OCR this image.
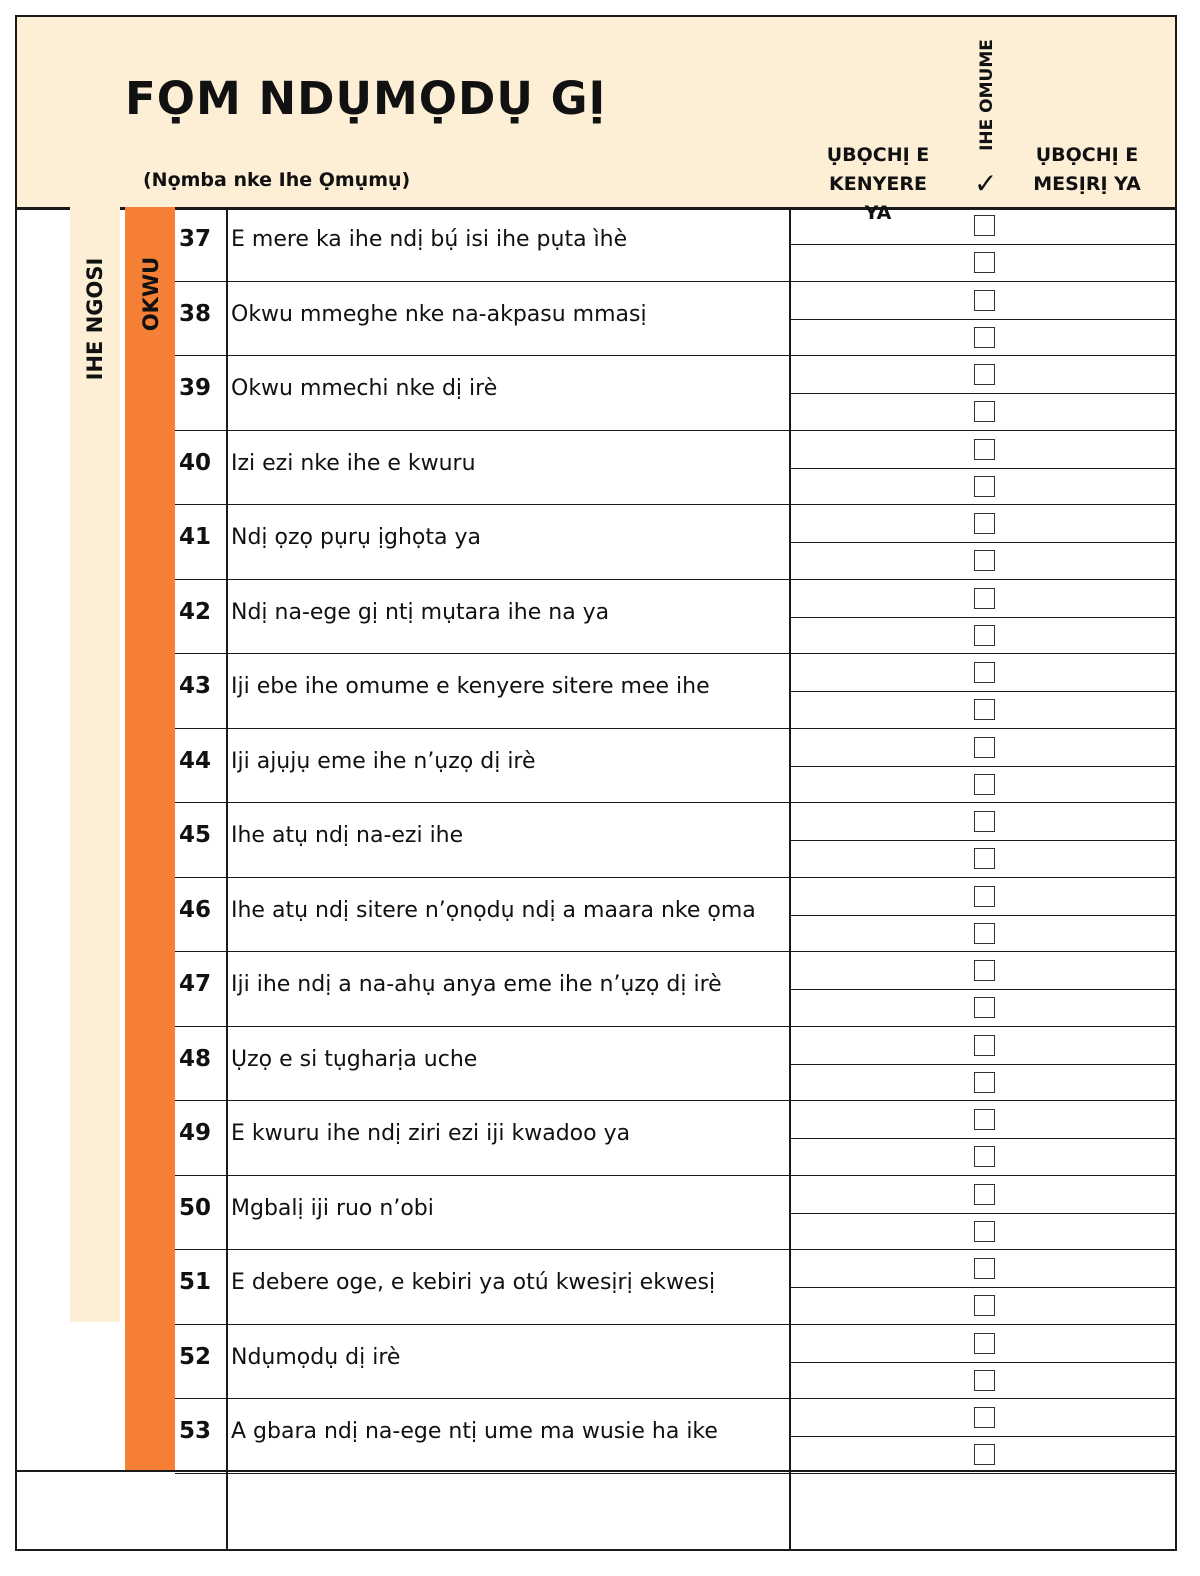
FỌM NDỤMỌDỤ GỊ
(Nọmba nke Ihe Ọmụmụ)
ỤBỌCHỊ E
KENYERE YA
IHE OMUME
✓
ỤBỌCHỊ E
MESỊRỊ YA
IHE NGOSI OKWU
37 E mere ka ihe ndị bụ́ isi ihe pụta ìhè
38 Okwu mmeghe nke na-akpasu mmasị
39 Okwu mmechi nke dị irè
40 Izi ezi nke ihe e kwuru
41 Ndị ọzọ pụrụ ịghọta ya
42 Ndị na-ege gị ntị mụtara ihe na ya
43 Iji ebe ihe omume e kenyere sitere mee ihe
44 Iji ajụjụ eme ihe n’ụzọ dị irè
45 Ihe atụ ndị na-ezi ihe
46 Ihe atụ ndị sitere n’ọnọdụ ndị a maara nke ọma
47 Iji ihe ndị a na-ahụ anya eme ihe n’ụzọ dị irè
48 Ụzọ e si tụgharịa uche
49 E kwuru ihe ndị ziri ezi iji kwadoo ya
50 Mgbalị iji ruo n’obi
51 E debere oge, e kebiri ya otú kwesịrị ekwesị
52 Ndụmọdụ dị irè
53 A gbara ndị na-ege ntị ume ma wusie ha ike
